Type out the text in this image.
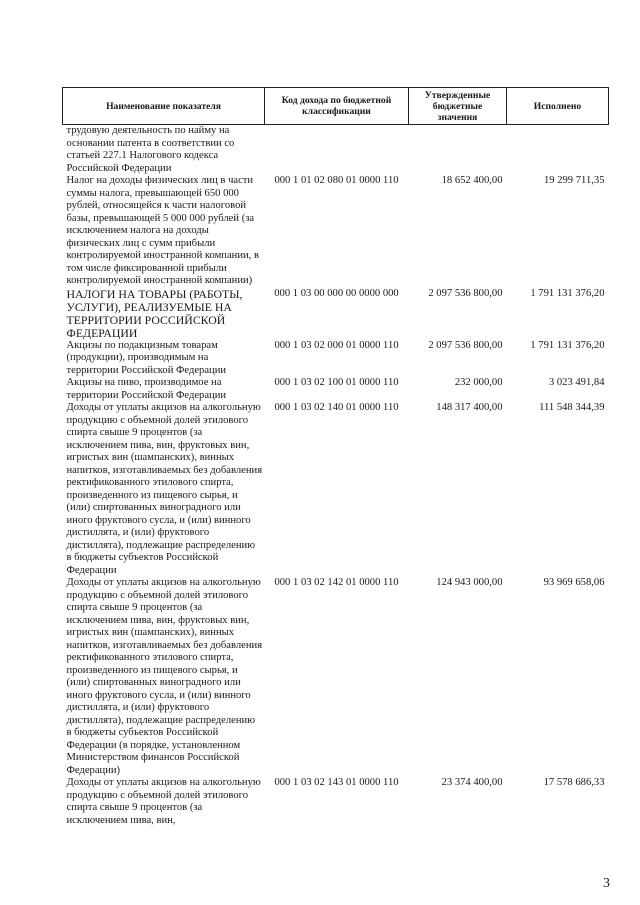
Наименование показателя	Код дохода по бюджетной классификации	Утвержденные бюджетные значения	Исполнено
трудовую деятельность по найму на основании патента в соответствии со статьей 227.1 Налогового кодекса Российской Федерации			
Налог на доходы физических лиц в части суммы налога, превышающей 650 000 рублей, относящейся к части налоговой базы, превышающей 5 000 000 рублей (за исключением налога на доходы физических лиц с сумм прибыли контролируемой иностранной компании, в том числе фиксированной прибыли контролируемой иностранной компании)	000 1 01 02 080 01 0000 110	18 652 400,00	19 299 711,35
НАЛОГИ НА ТОВАРЫ (РАБОТЫ, УСЛУГИ), РЕАЛИЗУЕМЫЕ НА ТЕРРИТОРИИ РОССИЙСКОЙ ФЕДЕРАЦИИ	000 1 03 00 000 00 0000 000	2 097 536 800,00	1 791 131 376,20
Акцизы по подакцизным товарам (продукции), производимым на территории Российской Федерации	000 1 03 02 000 01 0000 110	2 097 536 800,00	1 791 131 376,20
Акцизы на пиво, производимое на территории Российской Федерации	000 1 03 02 100 01 0000 110	232 000,00	3 023 491,84
Доходы от уплаты акцизов на алкогольную продукцию с объемной долей этилового спирта свыше 9 процентов (за исключением пива, вин, фруктовых вин, игристых вин (шампанских), винных напитков, изготавливаемых без добавления ректификованного этилового спирта, произведенного из пищевого сырья, и (или) спиртованных виноградного или иного фруктового сусла, и (или) винного дистиллята, и (или) фруктового дистиллята), подлежащие распределению в бюджеты субъектов Российской Федерации	000 1 03 02 140 01 0000 110	148 317 400,00	111 548 344,39
Доходы от уплаты акцизов на алкогольную продукцию с объемной долей этилового спирта свыше 9 процентов (за исключением пива, вин, фруктовых вин, игристых вин (шампанских), винных напитков, изготавливаемых без добавления ректификованного этилового спирта, произведенного из пищевого сырья, и (или) спиртованных виноградного или иного фруктового сусла, и (или) винного дистиллята, и (или) фруктового дистиллята), подлежащие распределению в бюджеты субъектов Российской Федерации (в порядке, установленном Министерством финансов Российской Федерации)	000 1 03 02 142 01 0000 110	124 943 000,00	93 969 658,06
Доходы от уплаты акцизов на алкогольную продукцию с объемной долей этилового спирта свыше 9 процентов (за исключением пива, вин,	000 1 03 02 143 01 0000 110	23 374 400,00	17 578 686,33
3
